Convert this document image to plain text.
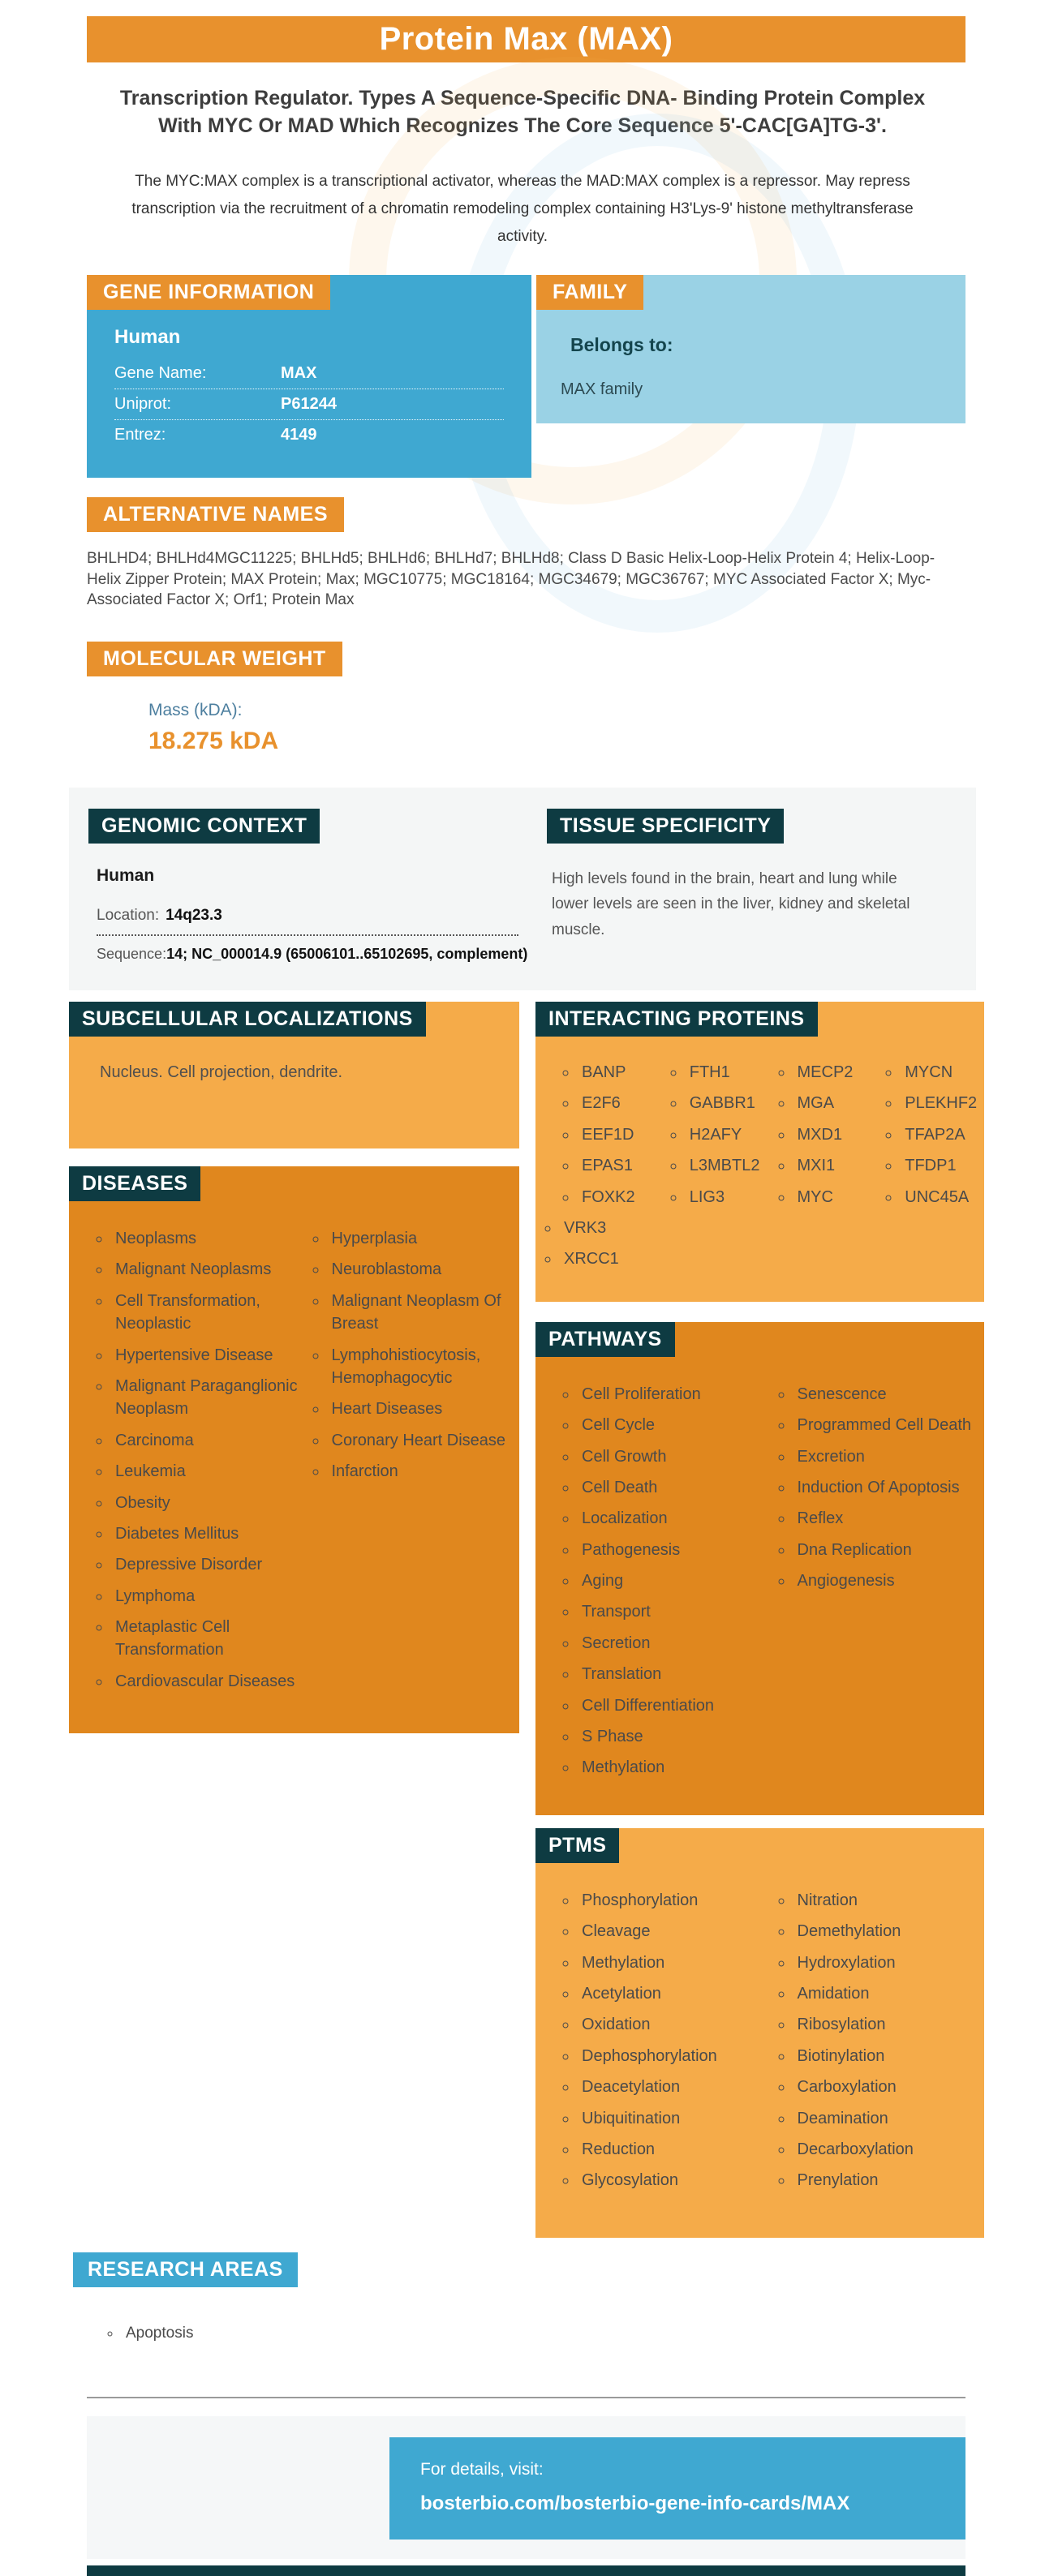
Protein Max (MAX)
Transcription Regulator. Types A Sequence-Specific DNA- Binding Protein Complex With MYC Or MAD Which Recognizes The Core Sequence 5'-CAC[GA]TG-3'.

The MYC:MAX complex is a transcriptional activator, whereas the MAD:MAX complex is a repressor. May repress transcription via the recruitment of a chromatin remodeling complex containing H3'Lys-9' histone methyltransferase activity.

GENE INFORMATION
Human
Gene Name:	MAX
Uniprot:	P61244
Entrez:	4149
FAMILY
Belongs to:
MAX family
ALTERNATIVE NAMES

BHLHD4; BHLHd4MGC11225; BHLHd5; BHLHd6; BHLHd7; BHLHd8; Class D Basic Helix-Loop-Helix Protein 4; Helix-Loop-Helix Zipper Protein; MAX Protein; Max; MGC10775; MGC18164; MGC34679; MGC36767; MYC Associated Factor X; Myc-Associated Factor X; Orf1; Protein Max

MOLECULAR WEIGHT
Mass (kDA):
18.275 kDA
GENOMIC CONTEXT
Human
Location: 14q23.3
Sequence:14; NC_000014.9 (65006101..65102695, complement)
TISSUE SPECIFICITY
High levels found in the brain, heart and lung while lower levels are seen in the liver, kidney and skeletal muscle.
SUBCELLULAR LOCALIZATIONS
Nucleus. Cell projection, dendrite.
DISEASES
◦ Neoplasms
◦ Malignant Neoplasms
◦ Cell Transformation, Neoplastic
◦ Hypertensive Disease
◦ Malignant Paraganglionic Neoplasm
◦ Carcinoma
◦ Leukemia
◦ Obesity
◦ Diabetes Mellitus
◦ Depressive Disorder
◦ Lymphoma
◦ Metaplastic Cell Transformation
◦ Cardiovascular Diseases
◦ Hyperplasia
◦ Neuroblastoma
◦ Malignant Neoplasm Of Breast
◦ Lymphohistiocytosis, Hemophagocytic
◦ Heart Diseases
◦ Coronary Heart Disease
◦ Infarction
INTERACTING PROTEINS
◦ BANP
◦ E2F6
◦ EEF1D
◦ EPAS1
◦ FOXK2
◦ FTH1
◦ GABBR1
◦ H2AFY
◦ L3MBTL2
◦ LIG3
◦ MECP2
◦ MGA
◦ MXD1
◦ MXI1
◦ MYC
◦ MYCN
◦ PLEKHF2
◦ TFAP2A
◦ TFDP1
◦ UNC45A
◦ VRK3
◦ XRCC1
PATHWAYS
◦ Cell Proliferation
◦ Cell Cycle
◦ Cell Growth
◦ Cell Death
◦ Localization
◦ Pathogenesis
◦ Aging
◦ Transport
◦ Secretion
◦ Translation
◦ Cell Differentiation
◦ S Phase
◦ Methylation
◦ Senescence
◦ Programmed Cell Death
◦ Excretion
◦ Induction Of Apoptosis
◦ Reflex
◦ Dna Replication
◦ Angiogenesis
PTMS
◦ Phosphorylation
◦ Cleavage
◦ Methylation
◦ Acetylation
◦ Oxidation
◦ Dephosphorylation
◦ Deacetylation
◦ Ubiquitination
◦ Reduction
◦ Glycosylation
◦ Nitration
◦ Demethylation
◦ Hydroxylation
◦ Amidation
◦ Ribosylation
◦ Biotinylation
◦ Carboxylation
◦ Deamination
◦ Decarboxylation
◦ Prenylation
RESEARCH AREAS
◦ Apoptosis
For details, visit:
bosterbio.com/bosterbio-gene-info-cards/MAX
